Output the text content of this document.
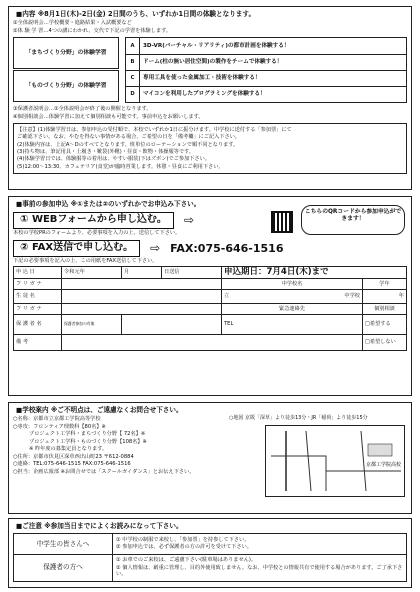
■内容 ※8月1日(木)-2日(金) 2日間のうち、いずれか1日間の体験となります。

①全体説明会…学校概要・進路結果・入試概要など

②体 験 学 習…4つの講にわかれ、交代で下記の学習を体験します。

「まちづくり分野」の体験学習
「ものづくり分野」の体験学習
A	3D-VR(バーチャル・リアリティ)の都市計画を体験する！
B	ドーム(柱の無い居住空間)の製作をチームで体験する！
C	専用工具を使った金属加工・技術を体験する！
D	マイコンを利用したプログラミングを体験する！

③保護者説明会…①全体説明会が終了後の開催となります。

④個別相談会…体験学習に加えて個別相談も可能です。事前申込をお願いします。

【注意】(1)体験学習日は、参加申込の受付順で、本校でいずれか1日に振分けます。中学校に送付する「参加票」にて

ご確認下さい。なお、やむを得ない事情がある場合、ご希望の日を「備考欄」にご記入下さい。

(2)体験内容は、上記A～Dのすべてとなります。班単位のローテーションで順不同となります。

(3)持ち物は、筆記用具・上履き・靴袋(外靴)・昼食・飲物・体操服等です。

(4)体験学習日では、体験服等の着用は、やすい服装(下はズボン)でご参加下さい。

(5)12:00～13:30、カフェテリア(食堂)が臨時営業します。休憩・昼食にご利用下さい。

■事前の参加申込 ※①または②のいずれかでお申込み下さい。
① WEBフォームから申し込む。	⇨
本校の学校PRのフォームより、必要事項を入力の上、送信して下さい。
こちらのQRコードから参加申込ができます！
② FAX送信で申し込む。	⇨ FAX:075-646-1516
下記の必要事項を記入の上、この用紙をFAX送信して下さい。
申 込 日	令和元年	月	日送信	申込期日：7月4日(木)まで	
フ リ ガ ナ				中学校名	学年
生 徒 名				立 中学校	年
フ リ ガ ナ				緊急連絡先	個別相談
保 護 者 名	保護者参加の有無			TEL	□希望する
備 考					□希望しない
■学校案内 ※ご不明点は、ご遠慮なくお問合せ下さい。

○名称：京都市立京都工学院高等学校

○専攻：フロンティア理数科【80名】※

プロジェクト工学科・まちづくり分野【 72名】※

プロジェクト工学科・ものづくり分野【108名】※

※ 昨年度の募集定員となります。

○住所：京都市伏見区深草西出山町23 〒612-0884

○連絡：TEL:075-646-1515 FAX:075-646-1516

○担当：企画広報部 ※お問合せでは「スクールガイダンス」とお伝え下さい。

○地図 京阪「深草」より徒歩13分・JR「稲荷」より徒歩15分
京都工学院高校
■ご注意 ※参加当日までによくお読みになって下さい。
中学生の皆さんへ	① 中学校の制服で来校し、「参加票」を持参して下さい。

② 参加申込では、必ず保護者の方の許可を受けて下さい。

保護者の方へ

① お車でのご来校は、ご遠慮下さい(駐車場はありません)。

② 個人情報は、厳重に管理し、目的外使用致しません。なお、中学校との情報共有で使用する場合があります。ご了承下さい。
